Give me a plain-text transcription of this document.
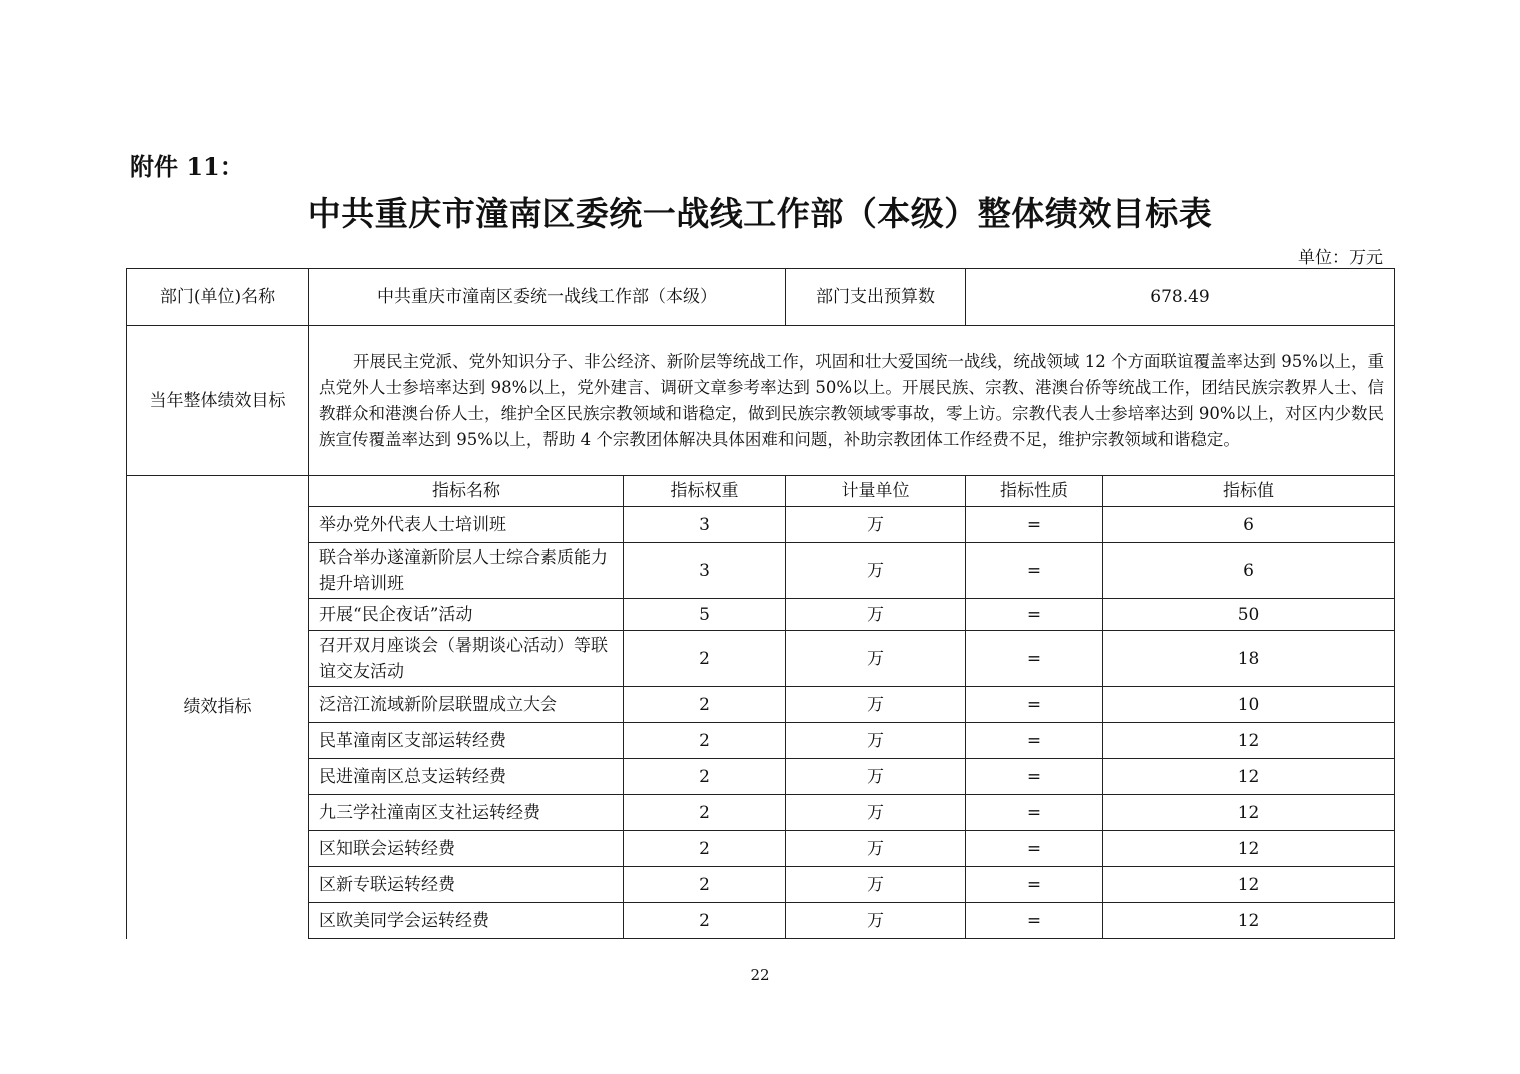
附件 11：
中共重庆市潼南区委统一战线工作部（本级）整体绩效目标表
单位：万元
部门(单位)名称	中共重庆市潼南区委统一战线工作部（本级）		部门支出预算数	678.49	
当年整体绩效目标	开展民主党派、党外知识分子、非公经济、新阶层等统战工作，巩固和壮大爱国统一战线，统战领域 12 个方面联谊覆盖率达到 95%以上，重点党外人士参培率达到 98%以上，党外建言、调研文章参考率达到 50%以上。开展民族、宗教、港澳台侨等统战工作，团结民族宗教界人士、信教群众和港澳台侨人士，维护全区民族宗教领域和谐稳定，做到民族宗教领域零事故，零上访。宗教代表人士参培率达到 90%以上，对区内少数民族宣传覆盖率达到 95%以上，帮助 4 个宗教团体解决具体困难和问题，补助宗教团体工作经费不足，维护宗教领域和谐稳定。				
绩效指标	指标名称	指标权重	计量单位	指标性质	指标值
	举办党外代表人士培训班	3	万	=	6
	联合举办遂潼新阶层人士综合素质能力提升培训班	3	万	=	6
	开展“民企夜话”活动	5	万	=	50
	召开双月座谈会（暑期谈心活动）等联谊交友活动	2	万	=	18
	泛涪江流域新阶层联盟成立大会	2	万	=	10
	民革潼南区支部运转经费	2	万	=	12
	民进潼南区总支运转经费	2	万	=	12
	九三学社潼南区支社运转经费	2	万	=	12
	区知联会运转经费	2	万	=	12
	区新专联运转经费	2	万	=	12
	区欧美同学会运转经费	2	万	=	12
22
